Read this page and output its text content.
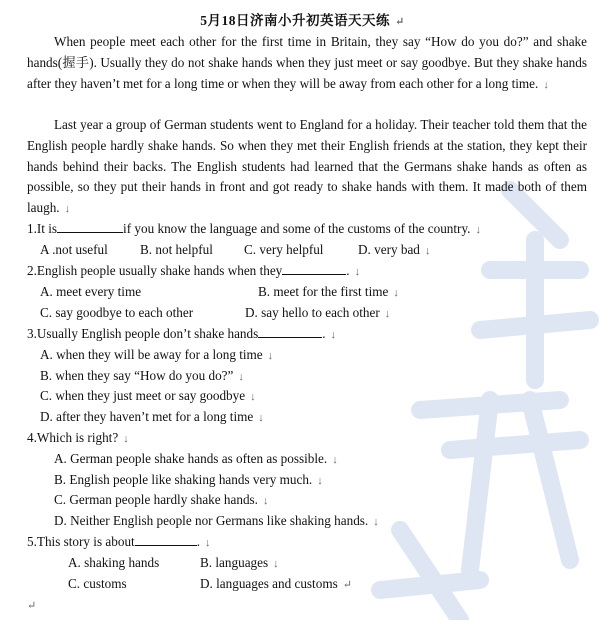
5月18日济南小升初英语天天练 ↵
When people meet each other for the first time in Britain, they say “How do you do?” and shake hands(握手). Usually they do not shake hands when they just meet or say goodbye. But they shake hands after they haven’t met for a long time or when they will be away from each other for a long time. ↓
Last year a group of German students went to England for a holiday. Their teacher told them that the English people hardly shake hands. So when they met their English friends at the station, they kept their hands behind their backs. The English students had learned that the Germans shake hands as often as possible, so they put their hands in front and got ready to shake hands with them. It made both of them laugh. ↓
1.It is	if you know the language and some of the customs of the country. ↓
A .not useful B. not helpful C. very helpful	D. very bad ↓
2.English people usually shake hands when they	. ↓
A. meet every time	B. meet for the first time ↓
C. say goodbye to each other	D. say hello to each other ↓
3.Usually English people don’t shake hands	. ↓
A. when they will be away for a long time ↓
B. when they say “How do you do?” ↓
C. when they just meet or say goodbye ↓
D. after they haven’t met for a long time ↓
4.Which is right? ↓
A. German people shake hands as often as possible. ↓
B. English people like shaking hands very much. ↓
C. German people hardly shake hands. ↓
D. Neither English people nor Germans like shaking hands. ↓
5.This story is about	. ↓
A. shaking hands	B. languages ↓
C. customs	D. languages and customs ↵
↵
